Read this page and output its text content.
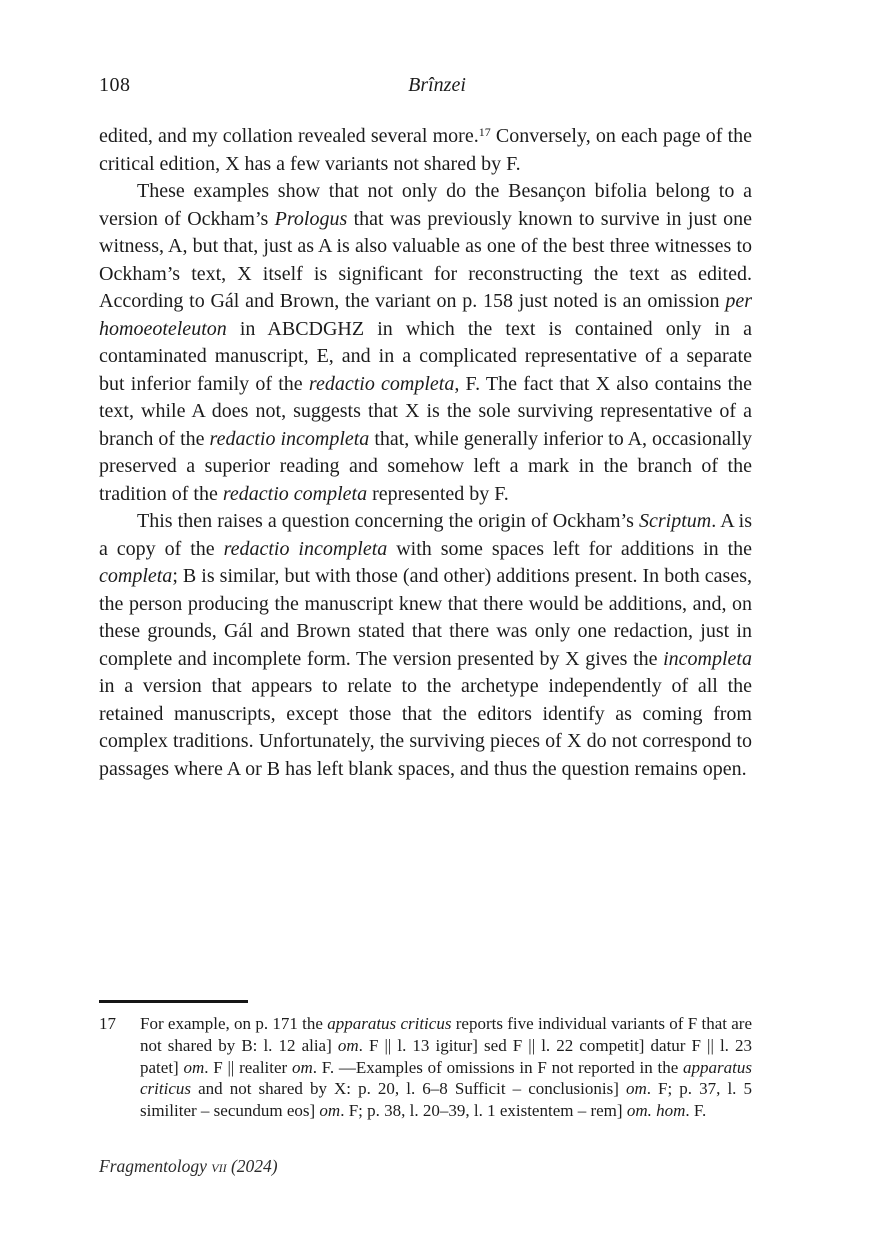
108	Brînzei

edited, and my collation revealed several more.$^{17}$ Conversely, on each page of the critical edition, X has a few variants not shared by F.

These examples show that not only do the Besançon bifolia belong to a version of Ockham’s Prologus that was previously known to survive in just one witness, A, but that, just as A is also valuable as one of the best three witnesses to Ockham’s text, X itself is significant for reconstructing the text as edited. According to Gál and Brown, the variant on p. 158 just noted is an omission per homoeoteleuton in ABCDGHZ in which the text is contained only in a contaminated manuscript, E, and in a complicated representative of a separate but inferior family of the redactio completa, F. The fact that X also contains the text, while A does not, suggests that X is the sole surviving representative of a branch of the redactio incompleta that, while generally inferior to A, occasionally preserved a superior reading and somehow left a mark in the branch of the tradition of the redactio completa represented by F.

This then raises a question concerning the origin of Ockham’s Scriptum. A is a copy of the redactio incompleta with some spaces left for additions in the completa; B is similar, but with those (and other) additions present. In both cases, the person producing the manuscript knew that there would be additions, and, on these grounds, Gál and Brown stated that there was only one redaction, just in complete and incomplete form. The version presented by X gives the incompleta in a version that appears to relate to the archetype independently of all the retained manuscripts, except those that the editors identify as coming from complex traditions. Unfortunately, the surviving pieces of X do not correspond to passages where A or B has left blank spaces, and thus the question remains open.

17 For example, on p. 171 the apparatus criticus reports five individual variants of F that are not shared by B: l. 12 alia] om. F || l. 13 igitur] sed F || l. 22 competit] datur F || l. 23 patet] om. F || realiter om. F. —Examples of omissions in F not reported in the apparatus criticus and not shared by X: p. 20, l. 6–8 Sufficit – conclusionis] om. F; p. 37, l. 5 similiter – secundum eos] om. F; p. 38, l. 20–39, l. 1 existentem – rem] om. hom. F.
Fragmentology vii (2024)
